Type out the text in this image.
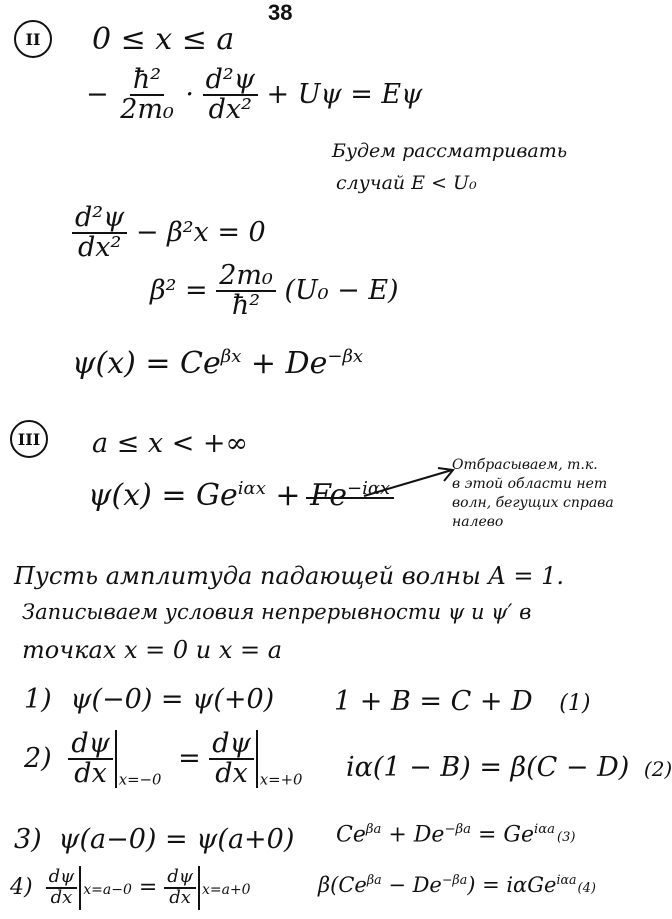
38
II 0 ≤ x ≤ a
− $\frac{\text{ħ²}}{\text{2m₀}} \cdot \frac{\text{d²ψ}}{\text{dx²}} + U\psi = E\psi$
Будем рассматривать
случай E < U₀
$\frac{\text{d²ψ}}{\text{dx²}} - \beta^2x = 0$
$\beta^2 = \frac{\text{2m₀}}{\text{ħ²}} (U_0 - E)$
$\psi(x) = Ce^{\beta x} + De^{-\beta x}$
III a ≤ x < +∞
$\psi(x) = Ge^{i\alpha x} + Fe^{-i\alpha x}$
Отбрасываем, т.к.
в этой области нет
волн, бегущих справа
налево
Пусть амплитуда падающей волны A = 1.
Записываем условия непрерывности ψ и ψ′ в
точках x = 0 и x = a
1) ψ(−0) = ψ(+0) 1 + B = C + D (1)
$2) \frac{d\psi}{dx} _{x=-0} = \frac{d\psi}{dx} _{x=+0}$ iα(1 − B) = β(C − D) (2)
3) ψ(a−0) = ψ(a+0) $Ce^{\beta a} + De^{-\beta a} = Ge^{i\alpha a}(3)$
$4) \frac{d\psi}{dx} x=a-0 = \frac{d\psi}{dx} x=a+0$	$\beta(Ce^{\beta a} - De^{-\beta a}) = i\alpha Ge^{i\alpha a}(4)$
